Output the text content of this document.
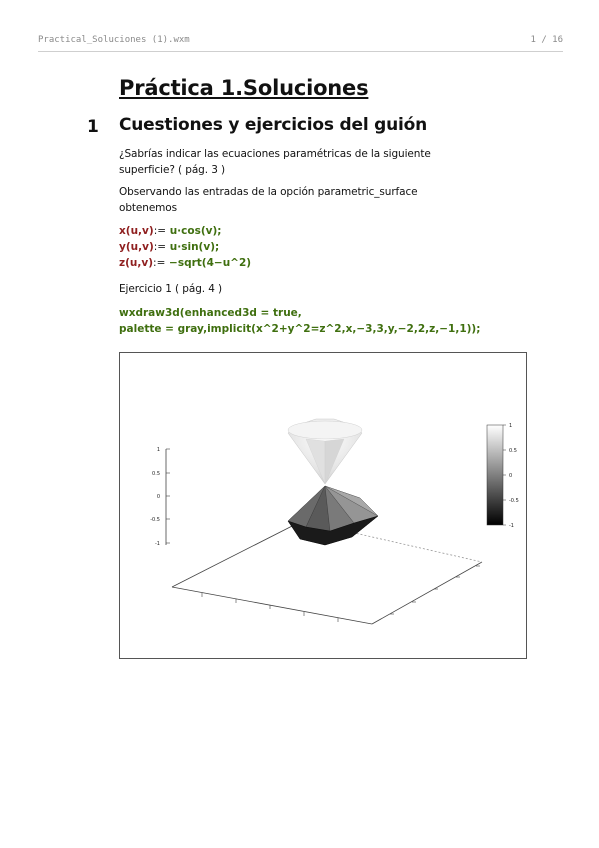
Practical_Soluciones (1).wxm	1 / 16
Práctica 1.Soluciones
1 Cuestiones y ejercicios del guión
¿Sabrías indicar las ecuaciones paramétricas de la siguiente
superficie? ( pág. 3 )
Observando las entradas de la opción parametric_surface
obtenemos
x(u,v):= u·cos(v);
y(u,v):= u·sin(v);
z(u,v):= −sqrt(4−u^2)
Ejercicio 1 ( pág. 4 )
wxdraw3d(enhanced3d = true,
palette = gray,implicit(x^2+y^2=z^2,x,−3,3,y,−2,2,z,−1,1));
1
0.5
0
-0.5
-1
1
0.5
0
-0.5
-1
